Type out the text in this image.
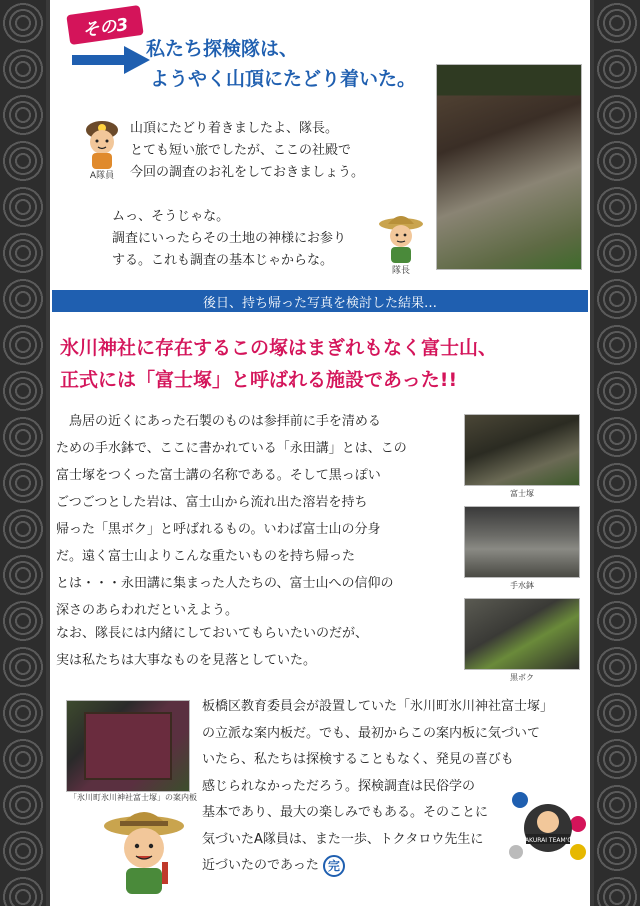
その3
私たち探検隊は、
ようやく山頂にたどり着いた。
A隊員
山頂にたどり着きましたよ、隊長。
とても短い旅でしたが、ここの社殿で
今回の調査のお礼をしておきましょう。
ムっ、そうじゃな。
調査にいったらその土地の神様にお参り
する。これも調査の基本じゃからな。
隊長
後日、持ち帰った写真を検討した結果…
氷川神社に存在するこの塚はまぎれもなく富士山、
正式には「富士塚」と呼ばれる施設であった!!
鳥居の近くにあった石製のものは参拝前に手を清める
ための手水鉢で、ここに書かれている「永田講」とは、この
富士塚をつくった富士講の名称である。そして黒っぽい
ごつごつとした岩は、富士山から流れ出た溶岩を持ち
帰った「黒ボク」と呼ばれるもの。いわば富士山の分身
だ。遠く富士山よりこんな重たいものを持ち帰った
とは・・・永田講に集まった人たちの、富士山への信仰の
深さのあらわれだといえよう。
なお、隊長には内緒にしておいてもらいたいのだが、
実は私たちは大事なものを見落としていた。
富士塚
手水鉢
黒ボク
「氷川町氷川神社富士塚」の案内板
板橋区教育委員会が設置していた「氷川町氷川神社富士塚」
の立派な案内板だ。でも、最初からこの案内板に気づいて
いたら、私たちは探検することもなく、発見の喜びも
感じられなかっただろう。探検調査は民俗学の
基本であり、最大の楽しみでもある。そのことに
気づいたA隊員は、また一歩、トクタロウ先生に
近づいたのであった 完
SAKURAI TEAM'08
